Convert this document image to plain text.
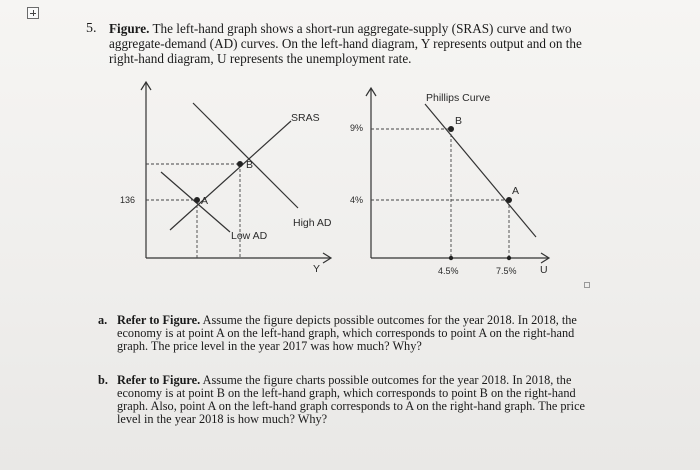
5. Figure. The left-hand graph shows a short-run aggregate-supply (SRAS) curve and two aggregate-demand (AD) curves. On the left-hand diagram, Y represents output and on the right-hand diagram, U represents the unemployment rate.
136
SRAS
High AD
Low AD
B
A
Y
Phillips Curve
9%
4%
B
A
4.5%	7.5% U
a. Refer to Figure. Assume the figure depicts possible outcomes for the year 2018. In 2018, the economy is at point A on the left-hand graph, which corresponds to point A on the right-hand graph. The price level in the year 2017 was how much? Why?
b. Refer to Figure. Assume the figure charts possible outcomes for the year 2018. In 2018, the economy is at point B on the left-hand graph, which corresponds to point B on the right-hand graph. Also, point A on the left-hand graph corresponds to A on the right-hand graph. The price level in the year 2018 is how much? Why?
